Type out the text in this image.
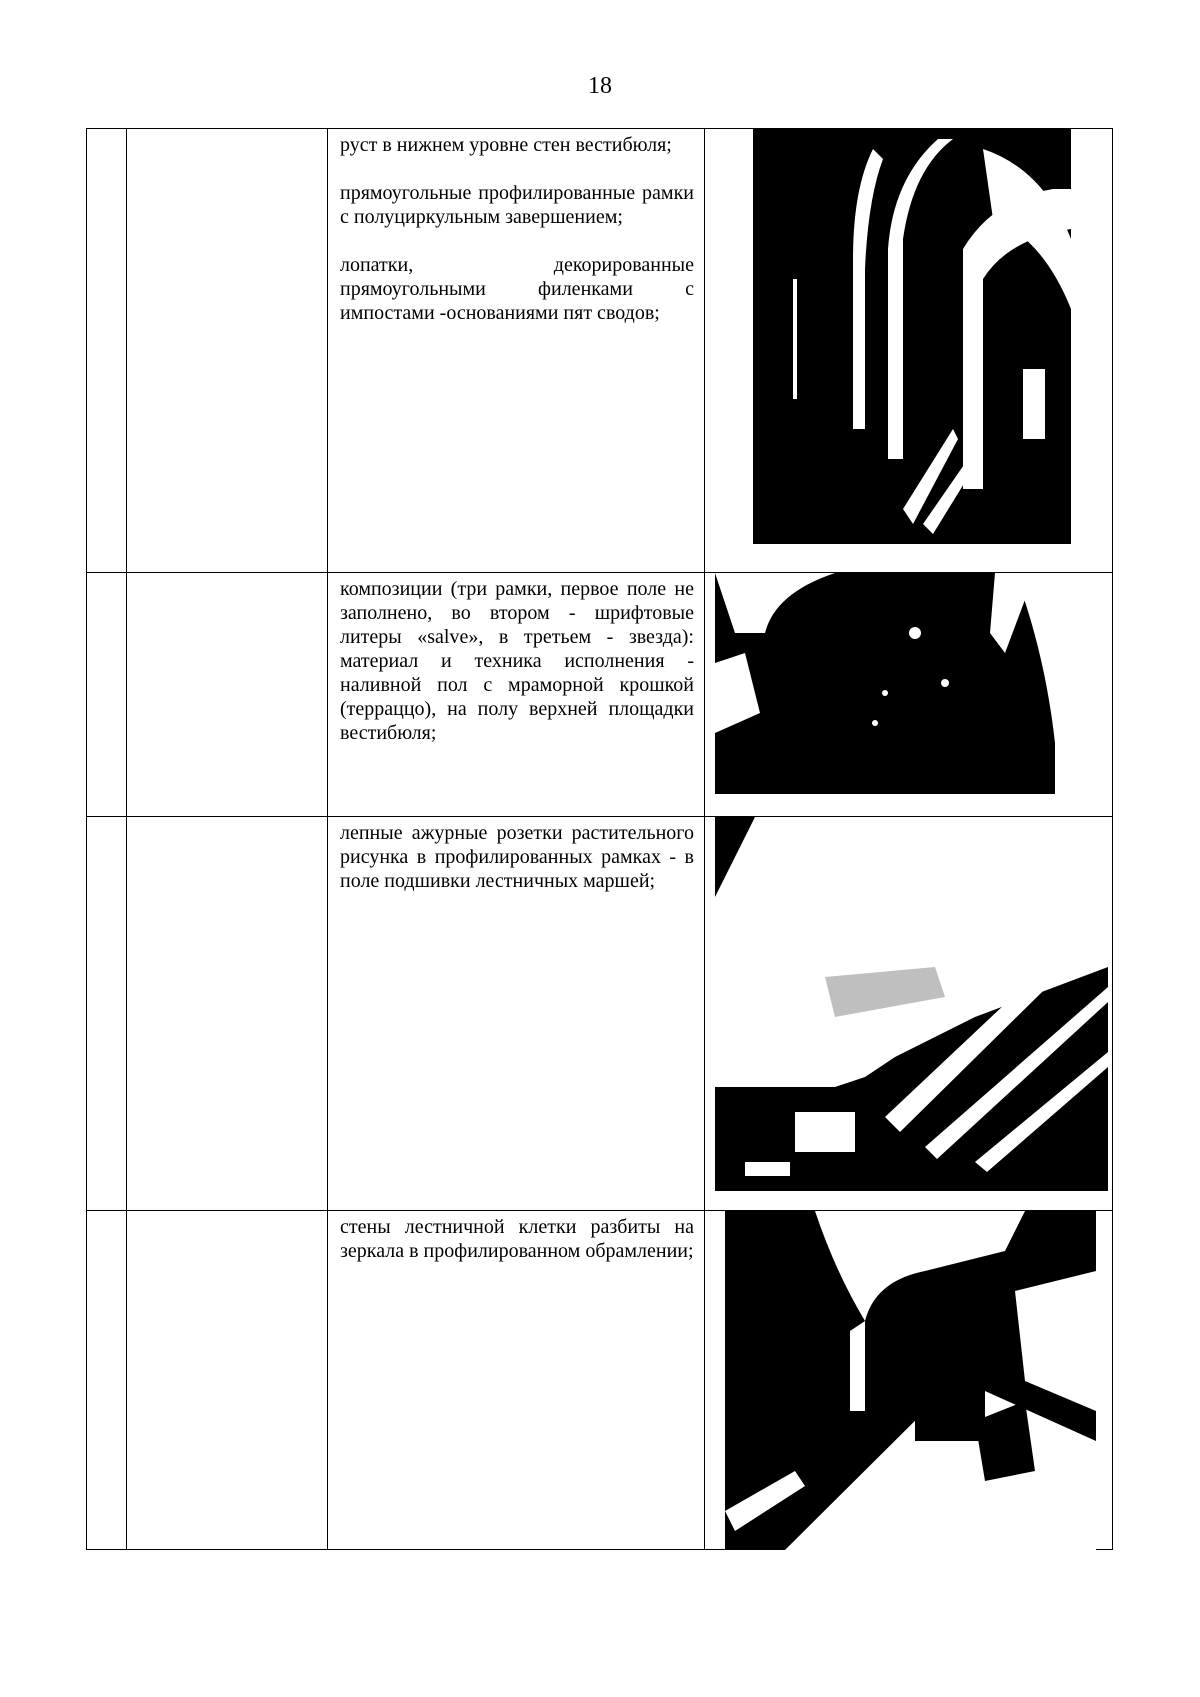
18

		руст в нижнем уровне стен вестибюля;

прямоугольные профилированные рамки с полуциркульным завершением;

лопатки, декорированные прямоугольными филенками с импостами -основаниями пят сводов;

		композиции (три рамки, первое поле не заполнено, во втором - шрифтовые литеры «salve», в третьем - звезда): материал и техника исполнения - наливной пол с мраморной крошкой (терраццо), на полу верхней площадки вестибюля;

		лепные ажурные розетки растительного рисунка в профилированных рамках - в поле подшивки лестничных маршей;

		стены лестничной клетки разбиты на зеркала в профилированном обрамлении;
